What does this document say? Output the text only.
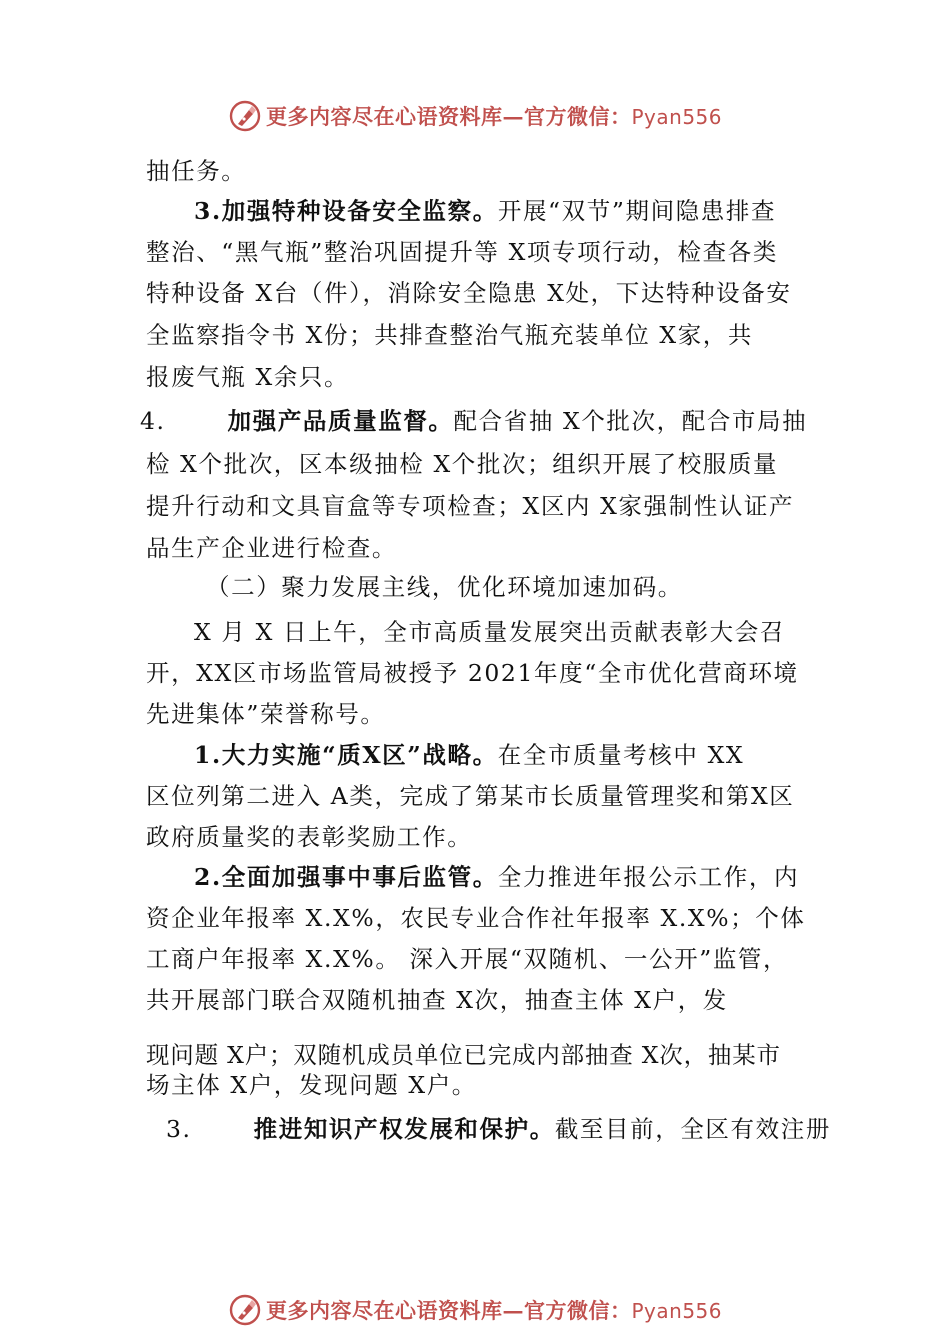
更多内容尽在心语资料库—官方微信：Pyan556
抽任务。
3.加强特种设备安全监察。开展“双节”期间隐患排查
整治、“黑气瓶”整治巩固提升等 X项专项行动，检查各类
特种设备 X台（件），消除安全隐患 X处，下达特种设备安
全监察指令书 X份；共排查整治气瓶充装单位 X家，共
报废气瓶 X余只。
4.	加强产品质量监督。配合省抽 X个批次，配合市局抽
检 X个批次，区本级抽检 X个批次；组织开展了校服质量
提升行动和文具盲盒等专项检查；X区内 X家强制性认证产
品生产企业进行检查。
（二）聚力发展主线，优化环境加速加码。
X 月 X 日上午，全市高质量发展突出贡献表彰大会召
开，XX区市场监管局被授予 2021年度“全市优化营商环境
先进集体”荣誉称号。
1.大力实施“质X区”战略。在全市质量考核中 XX
区位列第二进入 A类，完成了第某市长质量管理奖和第X区
政府质量奖的表彰奖励工作。
2.全面加强事中事后监管。全力推进年报公示工作，内
资企业年报率 X.X%，农民专业合作社年报率 X.X%；个体
工商户年报率 X.X%。 深入开展“双随机、一公开”监管，
共开展部门联合双随机抽查 X次，抽查主体 X户，发
现问题 X户；双随机成员单位已完成内部抽查 X次，抽某市
场主体 X户，发现问题 X户。
3.	推进知识产权发展和保护。截至目前，全区有效注册
更多内容尽在心语资料库—官方微信：Pyan556
